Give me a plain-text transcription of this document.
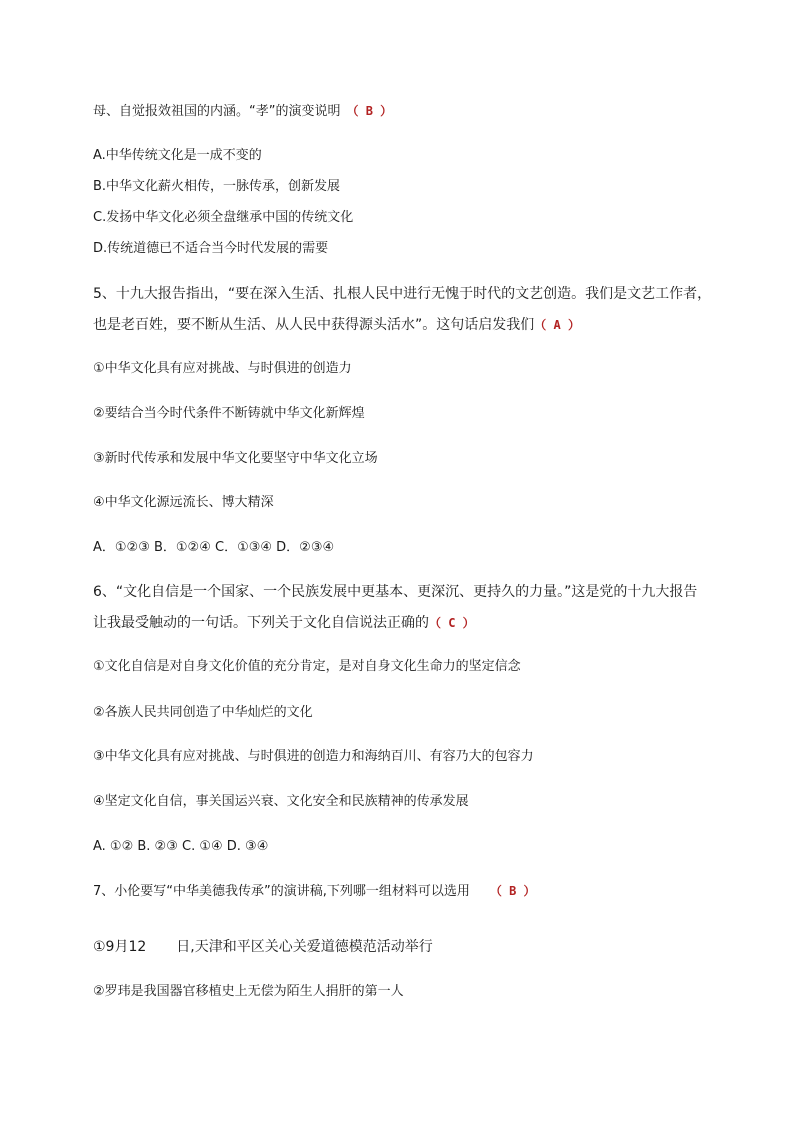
母、自觉报效祖国的内涵。“孝”的演变说明 （ B ）
A.中华传统文化是一成不变的
B.中华文化薪火相传，一脉传承，创新发展
C.发扬中华文化必须全盘继承中国的传统文化
D.传统道德已不适合当今时代发展的需要
5、十九大报告指出，“要在深入生活、扎根人民中进行无愧于时代的文艺创造。我们是文艺工作者，
也是老百姓，要不断从生活、从人民中获得源头活水”。这句话启发我们（ A ）
①中华文化具有应对挑战、与时俱进的创造力
②要结合当今时代条件不断铸就中华文化新辉煌
③新时代传承和发展中华文化要坚守中华文化立场
④中华文化源远流长、博大精深
A．①②③ B．①②④ C．①③④ D．②③④
6、“文化自信是一个国家、一个民族发展中更基本、更深沉、更持久的力量。”这是党的十九大报告
让我最受触动的一句话。下列关于文化自信说法正确的（ C ）
①文化自信是对自身文化价值的充分肯定，是对自身文化生命力的坚定信念
②各族人民共同创造了中华灿烂的文化
③中华文化具有应对挑战、与时俱进的创造力和海纳百川、有容乃大的包容力
④坚定文化自信，事关国运兴衰、文化安全和民族精神的传承发展
A. ①② B. ②③ C. ①④ D. ③④
7、小伦要写“中华美德我传承”的演讲稿,下列哪一组材料可以选用 （ B ）
①9月12 日,天津和平区关心关爱道德模范活动举行
②罗玮是我国器官移植史上无偿为陌生人捐肝的第一人
